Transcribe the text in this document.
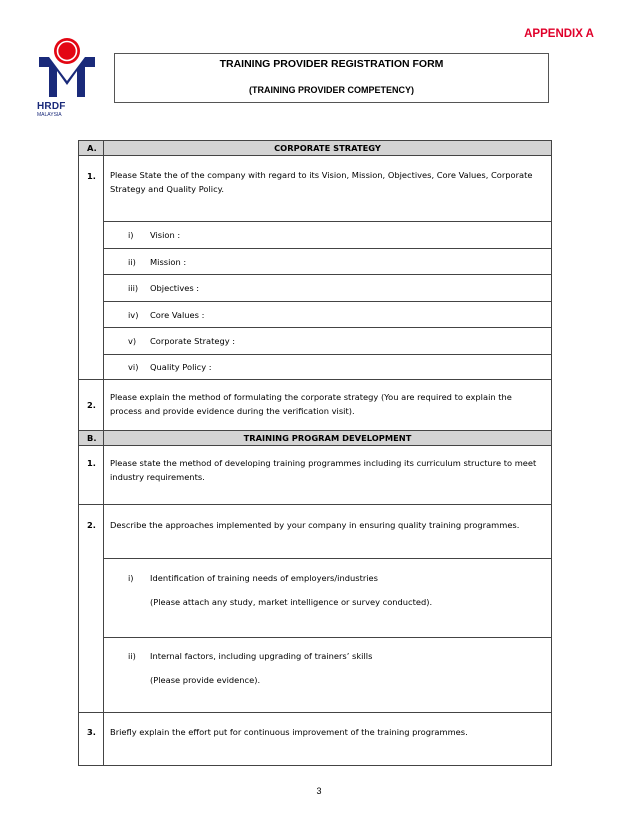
APPENDIX A
HRDF
MALAYSIA
TRAINING PROVIDER REGISTRATION FORM
(TRAINING PROVIDER COMPETENCY)
A.	CORPORATE STRATEGY
1.	Please State the of the company with regard to its Vision, Mission, Objectives, Core Values, Corporate Strategy and Quality Policy.

	i) Vision :

	ii) Mission :

	iii) Objectives :

	iv) Core Values :

	v) Corporate Strategy :

	vi) Quality Policy :

2.	Please explain the method of formulating the corporate strategy (You are required to explain the process and provide evidence during the verification visit).
B.	TRAINING PROGRAM DEVELOPMENT
1.	Please state the method of developing training programmes including its curriculum structure to meet industry requirements.
2.	Describe the approaches implemented by your company in ensuring quality training programmes.

	i) Identification of training needs of employers/industries
(Please attach any study, market intelligence or survey conducted).

	ii) Internal factors, including upgrading of trainers’ skills
(Please provide evidence).

3.	Briefly explain the effort put for continuous improvement of the training programmes.
3
